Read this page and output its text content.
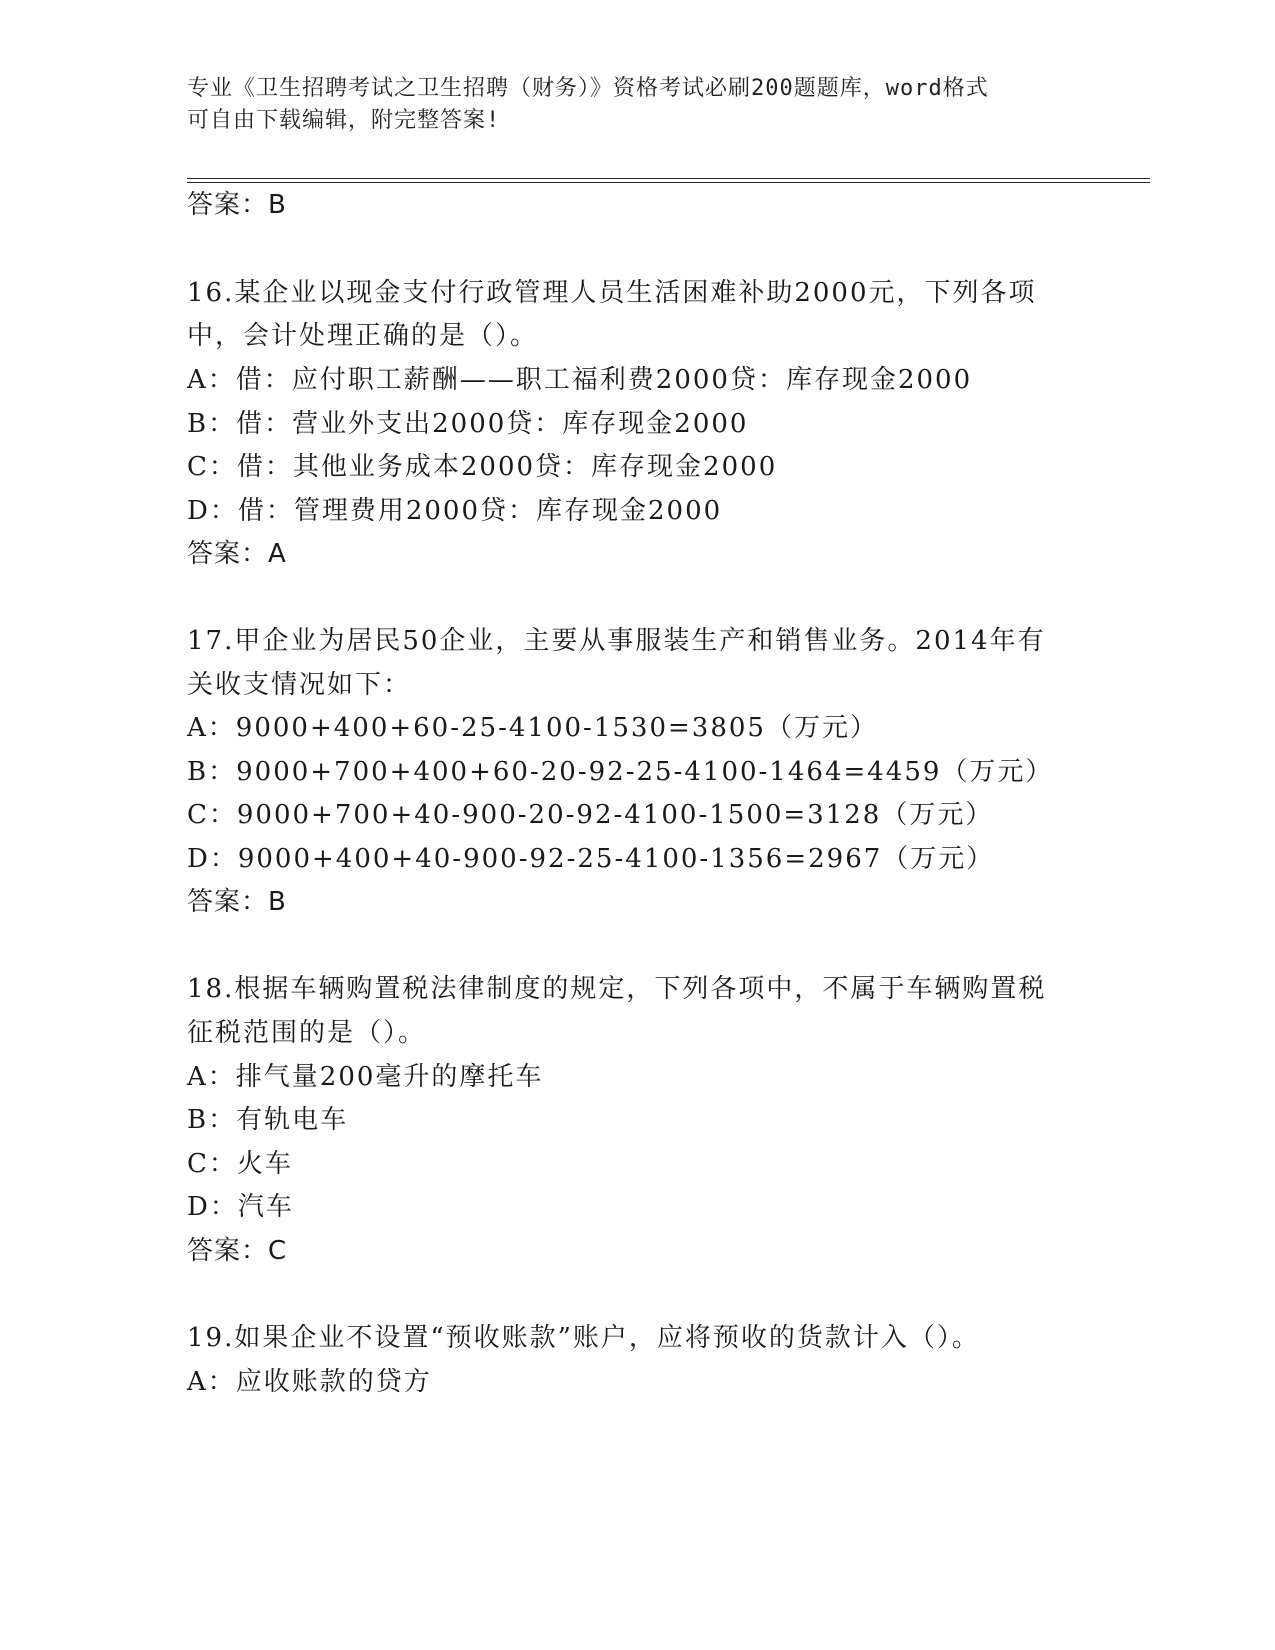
专业《卫生招聘考试之卫生招聘（财务）》资格考试必刷200题题库，word格式
可自由下载编辑，附完整答案!
答案：B
16.某企业以现金支付行政管理人员生活困难补助2000元，下列各项
中，会计处理正确的是（）。
A：借：应付职工薪酬——职工福利费2000贷：库存现金2000
B：借：营业外支出2000贷：库存现金2000
C：借：其他业务成本2000贷：库存现金2000
D：借：管理费用2000贷：库存现金2000
答案：A
17.甲企业为居民50企业，主要从事服装生产和销售业务。2014年有
关收支情况如下：
A：9000+400+60-25-4100-1530=3805（万元）
B：9000+700+400+60-20-92-25-4100-1464=4459（万元）
C：9000+700+40-900-20-92-4100-1500=3128（万元）
D：9000+400+40-900-92-25-4100-1356=2967（万元）
答案：B
18.根据车辆购置税法律制度的规定，下列各项中，不属于车辆购置税
征税范围的是（）。
A：排气量200毫升的摩托车
B：有轨电车
C：火车
D：汽车
答案：C
19.如果企业不设置“预收账款”账户，应将预收的货款计入（）。
A：应收账款的贷方
